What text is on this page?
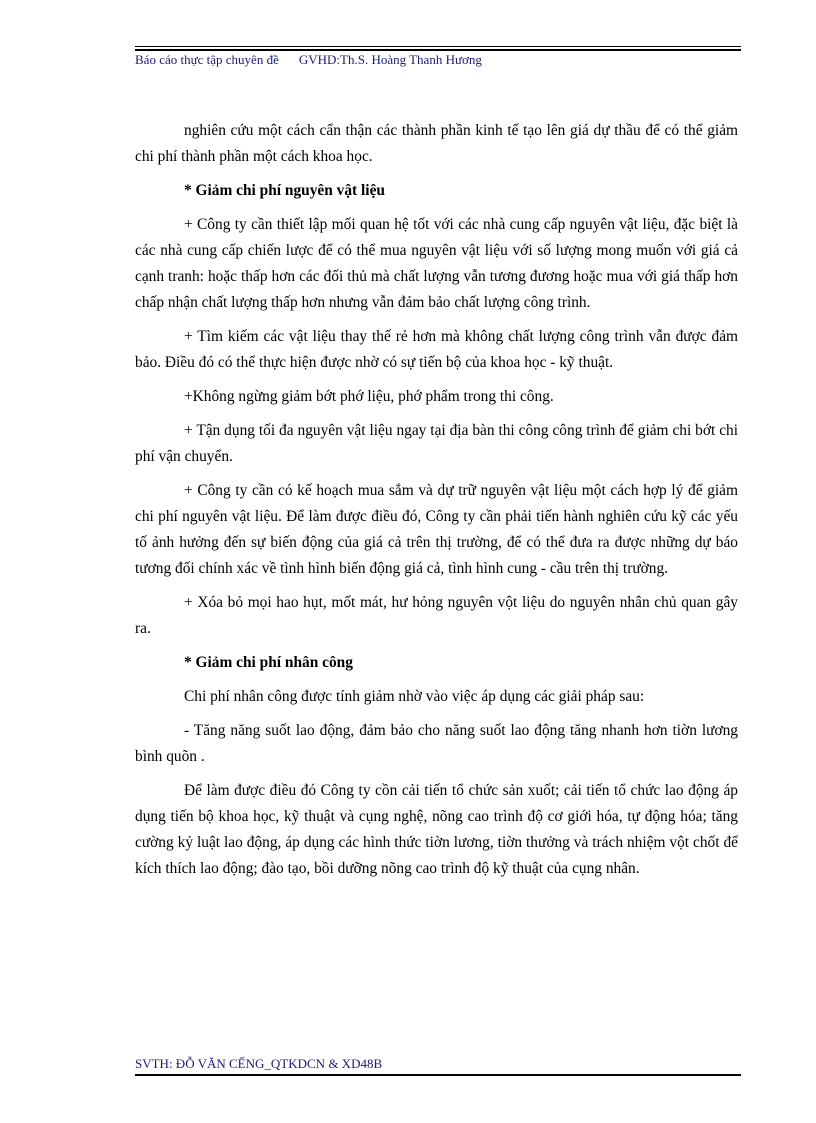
Báo cáo thực tập chuyên đề GVHD:Th.S. Hoàng Thanh Hương

nghiên cứu một cách cẩn thận các thành phần kinh tế tạo lên giá dự thầu để có thể giảm chi phí thành phần một cách khoa học.

* Giảm chi phí nguyên vật liệu

+ Công ty cần thiết lập mối quan hệ tốt với các nhà cung cấp nguyên vật liệu, đặc biệt là các nhà cung cấp chiến lược để có thể mua nguyên vật liệu với số lượng mong muốn với giá cả cạnh tranh: hoặc thấp hơn các đối thủ mà chất lượng vẫn tương đương hoặc mua với giá thấp hơn chấp nhận chất lượng thấp hơn nhưng vẫn đảm bảo chất lượng công trình.

+ Tìm kiếm các vật liệu thay thế rẻ hơn mà không chất lượng công trình vẫn được đảm bảo. Điều đó có thể thực hiện được nhờ có sự tiến bộ của khoa học - kỹ thuật.

+Không ngừng giảm bớt phớ liệu, phớ phẩm trong thi công.

+ Tận dụng tối đa nguyên vật liệu ngay tại địa bàn thi công công trình để giảm chi bớt chi phí vận chuyển.

+ Công ty cần có kế hoạch mua sắm và dự trữ nguyên vật liệu một cách hợp lý để giảm chi phí nguyên vật liệu. Để làm được điều đó, Công ty cần phải tiến hành nghiên cứu kỹ các yếu tố ảnh hưởng đến sự biến động của giá cả trên thị trường, để có thể đưa ra được những dự báo tương đối chính xác về tình hình biến động giá cả, tình hình cung - cầu trên thị trường.

+ Xóa bỏ mọi hao hụt, mốt mát, hư hỏng nguyên vột liệu do nguyên nhân chủ quan gây ra.

* Giảm chi phí nhân công

Chi phí nhân công được tính giảm nhờ vào việc áp dụng các giải pháp sau:

- Tăng năng suốt lao động, đảm bảo cho năng suốt lao động tăng nhanh hơn tiờn lương bình quõn .

Để làm được điều đó Công ty cồn cải tiến tổ chức sản xuốt; cải tiến tổ chức lao động áp dụng tiến bộ khoa học, kỹ thuật và cụng nghệ, nõng cao trình độ cơ giới hóa, tự động hóa; tăng cường kỷ luật lao động, áp dụng các hình thức tiờn lương, tiờn thưởng và trách nhiệm vột chốt để kích thích lao động; đào tạo, bồi dưỡng nõng cao trình độ kỹ thuật của cụng nhân.

SVTH: ĐỖ VĂN CẾNG_QTKDCN & XD48B
